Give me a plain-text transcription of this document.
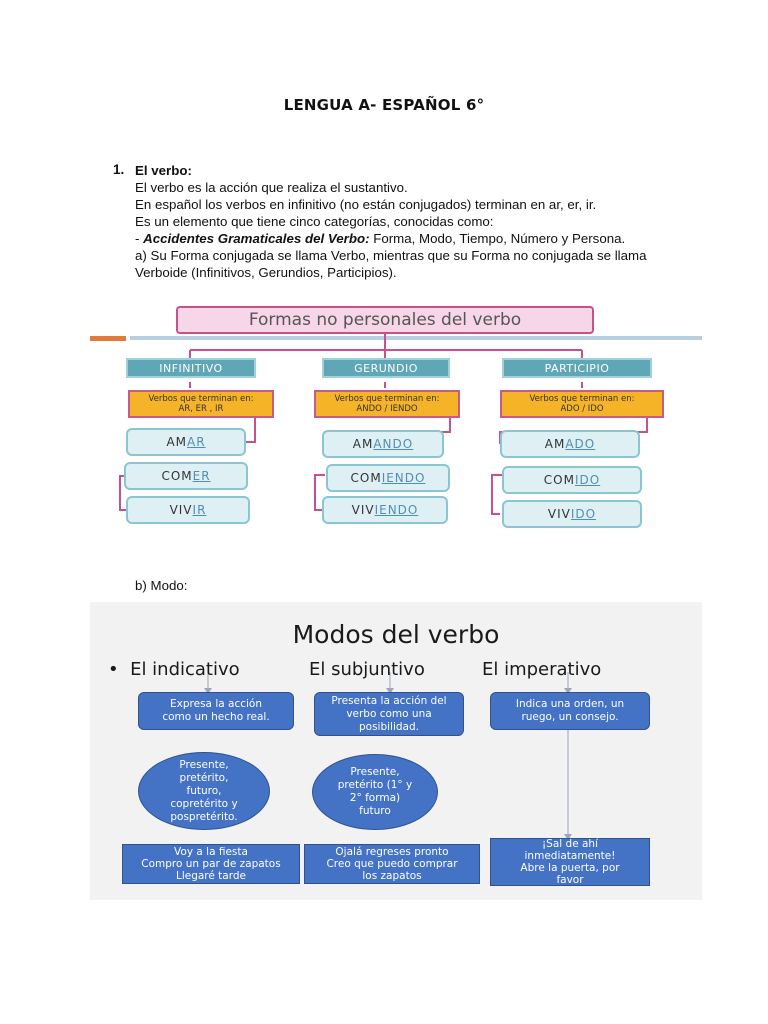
LENGUA A- ESPAÑOL 6°
1. El verbo:
El verbo es la acción que realiza el sustantivo.
En español los verbos en infinitivo (no están conjugados) terminan en ar, er, ir.
Es un elemento que tiene cinco categorías, conocidas como:
- Accidentes Gramaticales del Verbo: Forma, Modo, Tiempo, Número y Persona.
a) Su Forma conjugada se llama Verbo, mientras que su Forma no conjugada se llama
Verboide (Infinitivos, Gerundios, Participios).
Formas no personales del verbo
INFINITIVO	GERUNDIO	PARTICIPIO
Verbos que terminan en:
AR, ER , IR
Verbos que terminan en:
ANDO / IENDO
Verbos que terminan en:
ADO / IDO
AM AR
COM ER
VIV IR
AM ANDO
COM IENDO
VIV IENDO
AM ADO
COM IDO
VIV IDO
b) Modo:
Modos del verbo
• El indicativo	El subjuntivo	El imperativo
Expresa la acción
como un hecho real.
Presenta la acción del
verbo como una
posibilidad.
Indica una orden, un
ruego, un consejo.
Presente,
pretérito,
futuro,
copretérito y
pospretérito.
Presente,
pretérito (1° y
2° forma)
futuro
Voy a la fiesta
Compro un par de zapatos
Llegaré tarde
Ojalá regreses pronto
Creo que puedo comprar
los zapatos
¡Sal de ahí
inmediatamente!
Abre la puerta, por
favor
